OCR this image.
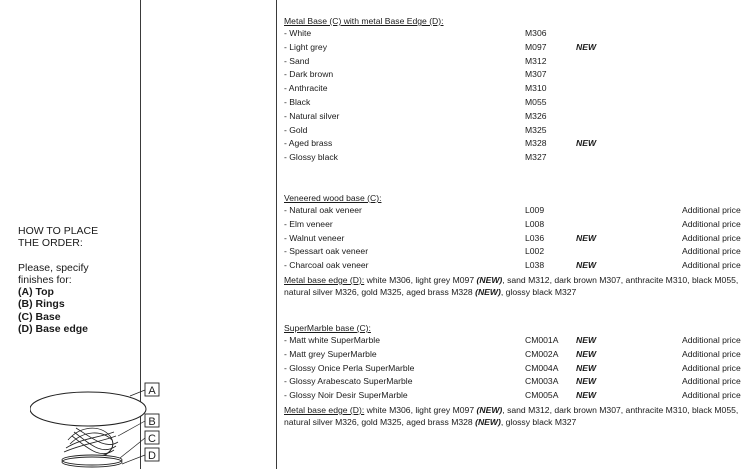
HOW TO PLACE
THE ORDER:
Please, specify
finishes for:
(A) Top
(B) Rings
(C) Base
(D) Base edge
A
B
C
D
Metal Base (C) with metal Base Edge (D):
- White	M306
- Light grey	M097	NEW
- Sand	M312
- Dark brown	M307
- Anthracite	M310
- Black	M055
- Natural silver	M326
- Gold	M325
- Aged brass	M328	NEW
- Glossy black	M327
Veneered wood base (C):
- Natural oak veneer	L009	Additional price
- Elm veneer	L008	Additional price
- Walnut veneer	L036	NEW	Additional price
- Spessart oak veneer	L002	Additional price
- Charcoal oak veneer	L038	NEW	Additional price
Metal base edge (D): white M306, light grey M097 (NEW), sand M312, dark brown M307, anthracite M310, black M055, natural silver M326, gold M325, aged brass M328 (NEW), glossy black M327
SuperMarble base (C):
- Matt white SuperMarble	CM001A NEW	Additional price
- Matt grey SuperMarble	CM002A NEW	Additional price
- Glossy Onice Perla SuperMarble	CM004A NEW	Additional price
- Glossy Arabescato SuperMarble	CM003A NEW	Additional price
- Glossy Noir Desir SuperMarble	CM005A NEW	Additional price
Metal base edge (D): white M306, light grey M097 (NEW), sand M312, dark brown M307, anthracite M310, black M055, natural silver M326, gold M325, aged brass M328 (NEW), glossy black M327
